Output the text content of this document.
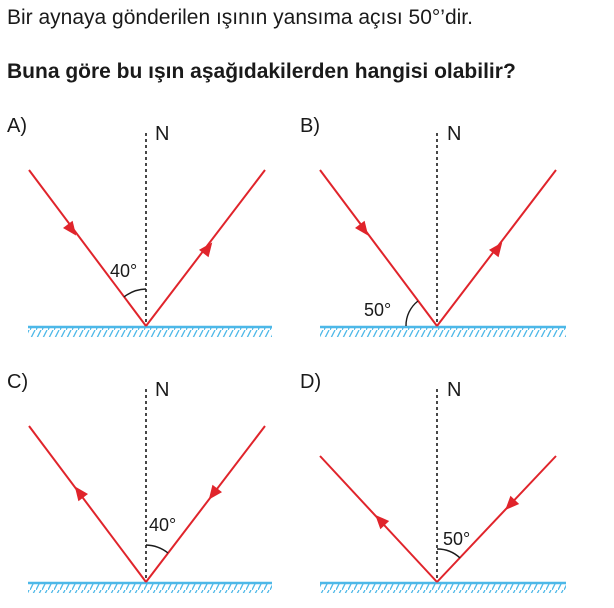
Bir aynaya gönderilen ışının yansıma açısı 50°’dir.
Buna göre bu ışın aşağıdakilerden hangisi olabilir?
A)	N
40°
B)	N
50°
C)	N
40°
D)	N
50°
